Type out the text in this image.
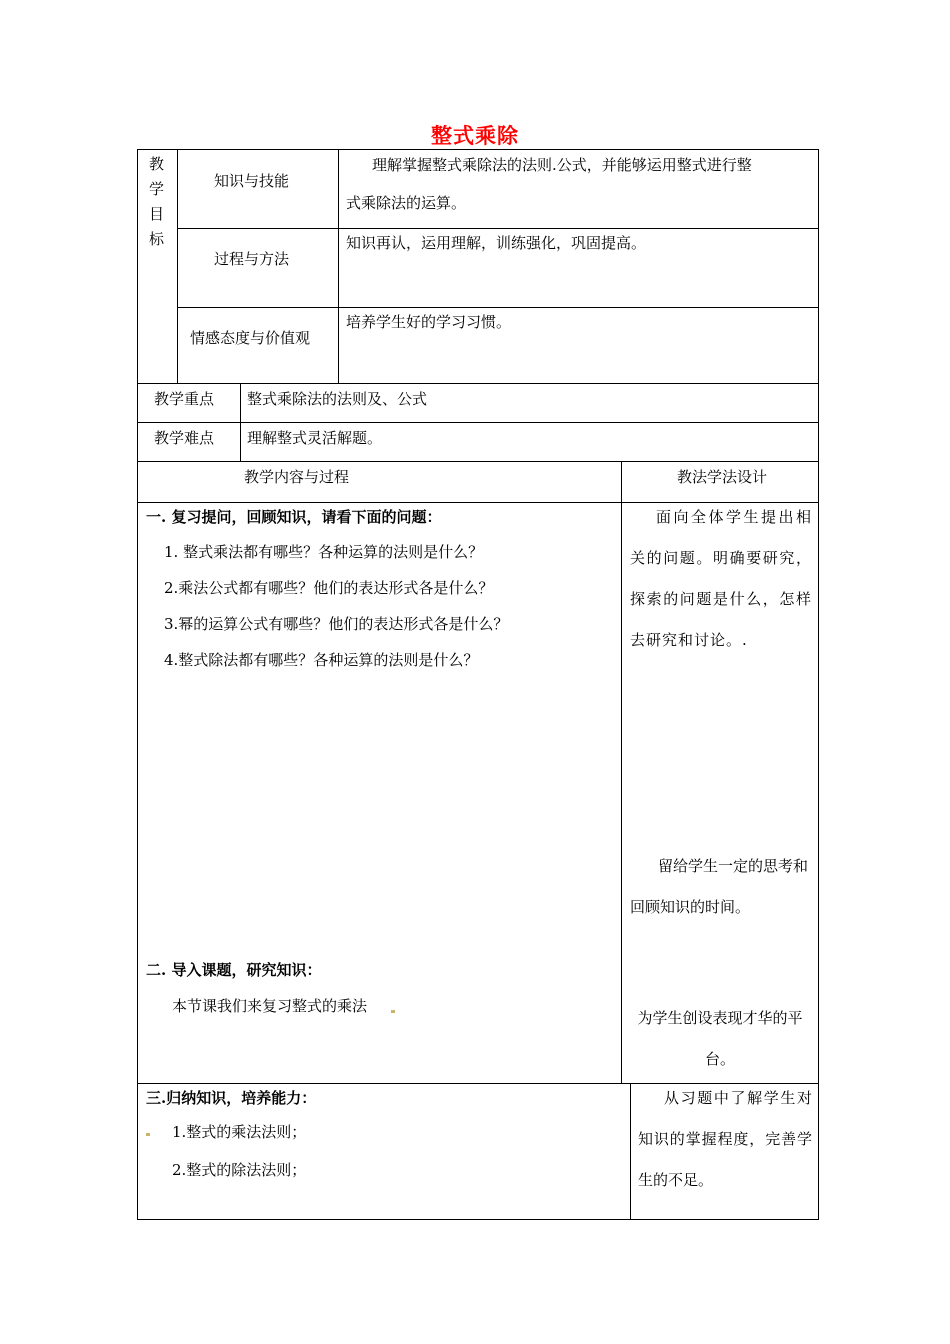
整式乘除
教
学
目
标
知识与技能
理解掌握整式乘除法的法则.公式，并能够运用整式进行整
式乘除法的运算。
过程与方法
知识再认，运用理解，训练强化，巩固提高。
情感态度与价值观
培养学生好的学习习惯。
教学重点 整式乘除法的法则及、公式
教学难点 理解整式灵活解题。
教学内容与过程	教法学法设计
一. 复习提问，回顾知识，请看下面的问题：
1. 整式乘法都有哪些？各种运算的法则是什么？
2.乘法公式都有哪些？他们的表达形式各是什么？
3.幂的运算公式有哪些？他们的表达形式各是什么？
4.整式除法都有哪些？各种运算的法则是什么？
面向全体学生提出相关的问题。明确要研究，探索的问题是什么，怎样去研究和讨论。.
留给学生一定的思考和回顾知识的时间。
为学生创设表现才华的平台。
二. 导入课题，研究知识：
本节课我们来复习整式的乘法
三.归纳知识，培养能力：
1.整式的乘法法则；
2.整式的除法法则；
从习题中了解学生对知识的掌握程度，完善学生的不足。
